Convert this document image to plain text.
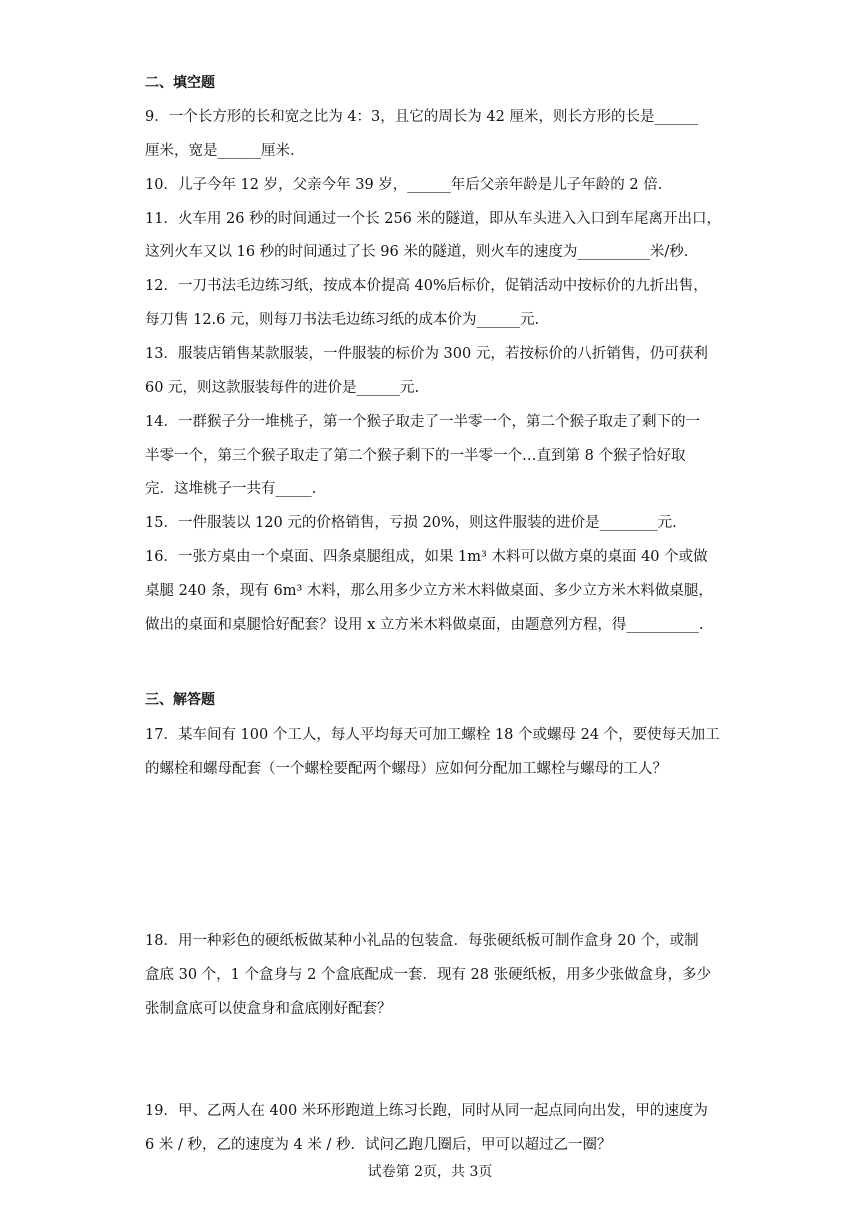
二、填空题
9．一个长方形的长和宽之比为 4：3，且它的周长为 42 厘米，则长方形的长是______
厘米，宽是______厘米.
10．儿子今年 12 岁，父亲今年 39 岁，______年后父亲年龄是儿子年龄的 2 倍.
11．火车用 26 秒的时间通过一个长 256 米的隧道，即从车头进入入口到车尾离开出口，
这列火车又以 16 秒的时间通过了长 96 米的隧道，则火车的速度为__________米/秒.
12．一刀书法毛边练习纸，按成本价提高 40%后标价，促销活动中按标价的九折出售，
每刀售 12.6 元，则每刀书法毛边练习纸的成本价为______元.
13．服装店销售某款服装，一件服装的标价为 300 元，若按标价的八折销售，仍可获利
60 元，则这款服装每件的进价是______元.
14．一群猴子分一堆桃子，第一个猴子取走了一半零一个，第二个猴子取走了剩下的一
半零一个，第三个猴子取走了第二个猴子剩下的一半零一个…直到第 8 个猴子恰好取
完．这堆桃子一共有_____.
15．一件服装以 120 元的价格销售，亏损 20%，则这件服装的进价是________元.
16．一张方桌由一个桌面、四条桌腿组成，如果 1m³ 木料可以做方桌的桌面 40 个或做
桌腿 240 条，现有 6m³ 木料，那么用多少立方米木料做桌面、多少立方米木料做桌腿，
做出的桌面和桌腿恰好配套？设用 x 立方米木料做桌面，由题意列方程，得__________.
三、解答题
17．某车间有 100 个工人，每人平均每天可加工螺栓 18 个或螺母 24 个，要使每天加工
的螺栓和螺母配套（一个螺栓要配两个螺母）应如何分配加工螺栓与螺母的工人？
18．用一种彩色的硬纸板做某种小礼品的包装盒．每张硬纸板可制作盒身 20 个，或制
盒底 30 个，1 个盒身与 2 个盒底配成一套．现有 28 张硬纸板，用多少张做盒身，多少
张制盒底可以使盒身和盒底刚好配套？
19．甲、乙两人在 400 米环形跑道上练习长跑，同时从同一起点同向出发，甲的速度为
6 米 / 秒，乙的速度为 4 米 / 秒．试问乙跑几圈后，甲可以超过乙一圈？
试卷第 2页，共 3页
